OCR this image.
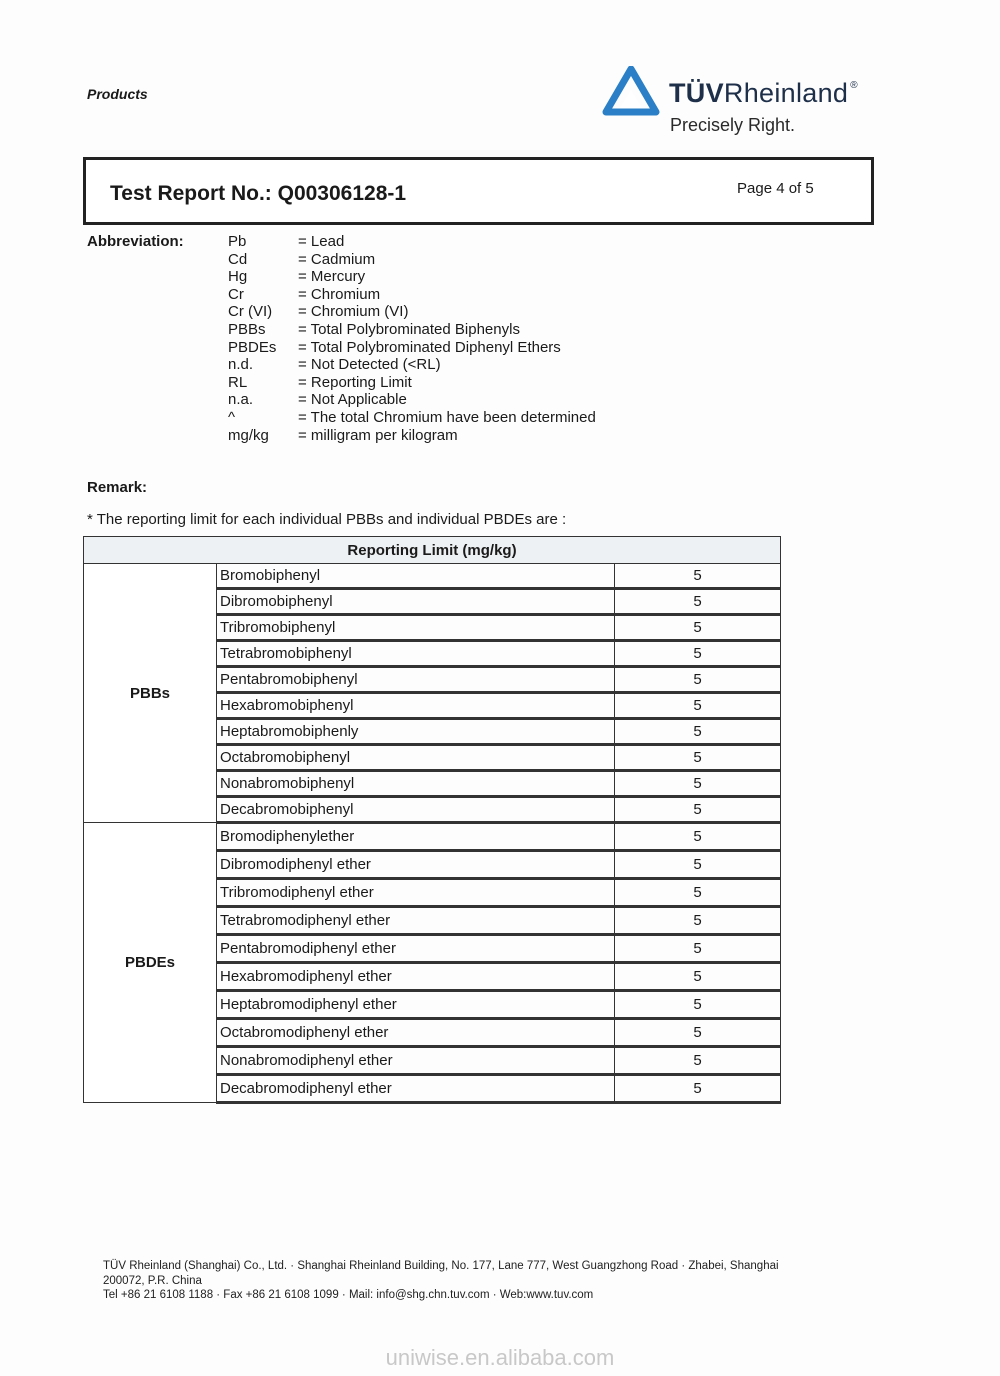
Products	TÜVRheinland ®
Precisely Right.
Test Report No.: Q00306128-1	Page 4 of 5
Abbreviation:	Pb	= Lead
Cd	= Cadmium
Hg	= Mercury
Cr	= Chromium
Cr (VI) = Chromium (VI)
PBBs = Total Polybrominated Biphenyls
PBDEs = Total Polybrominated Diphenyl Ethers
n.d.	= Not Detected (<RL)
RL	= Reporting Limit
n.a.	= Not Applicable
^	= The total Chromium have been determined
mg/kg = milligram per kilogram
Remark:
* The reporting limit for each individual PBBs and individual PBDEs are :
Reporting Limit (mg/kg)		
PBBs	Bromobiphenyl	5
	Dibromobiphenyl	5
	Tribromobiphenyl	5
	Tetrabromobiphenyl	5
	Pentabromobiphenyl	5
	Hexabromobiphenyl	5
	Heptabromobiphenly	5
	Octabromobiphenyl	5
	Nonabromobiphenyl	5
	Decabromobiphenyl	5
PBDEs	Bromodiphenylether	5
	Dibromodiphenyl ether	5
	Tribromodiphenyl ether	5
	Tetrabromodiphenyl ether	5
	Pentabromodiphenyl ether	5
	Hexabromodiphenyl ether	5
	Heptabromodiphenyl ether	5
	Octabromodiphenyl ether	5
	Nonabromodiphenyl ether	5
	Decabromodiphenyl ether	5
TÜV Rheinland (Shanghai) Co., Ltd. · Shanghai Rheinland Building, No. 177, Lane 777, West Guangzhong Road · Zhabei, Shanghai
200072, P.R. China
Tel +86 21 6108 1188 · Fax +86 21 6108 1099 · Mail: info@shg.chn.tuv.com · Web:www.tuv.com
uniwise.en.alibaba.com
